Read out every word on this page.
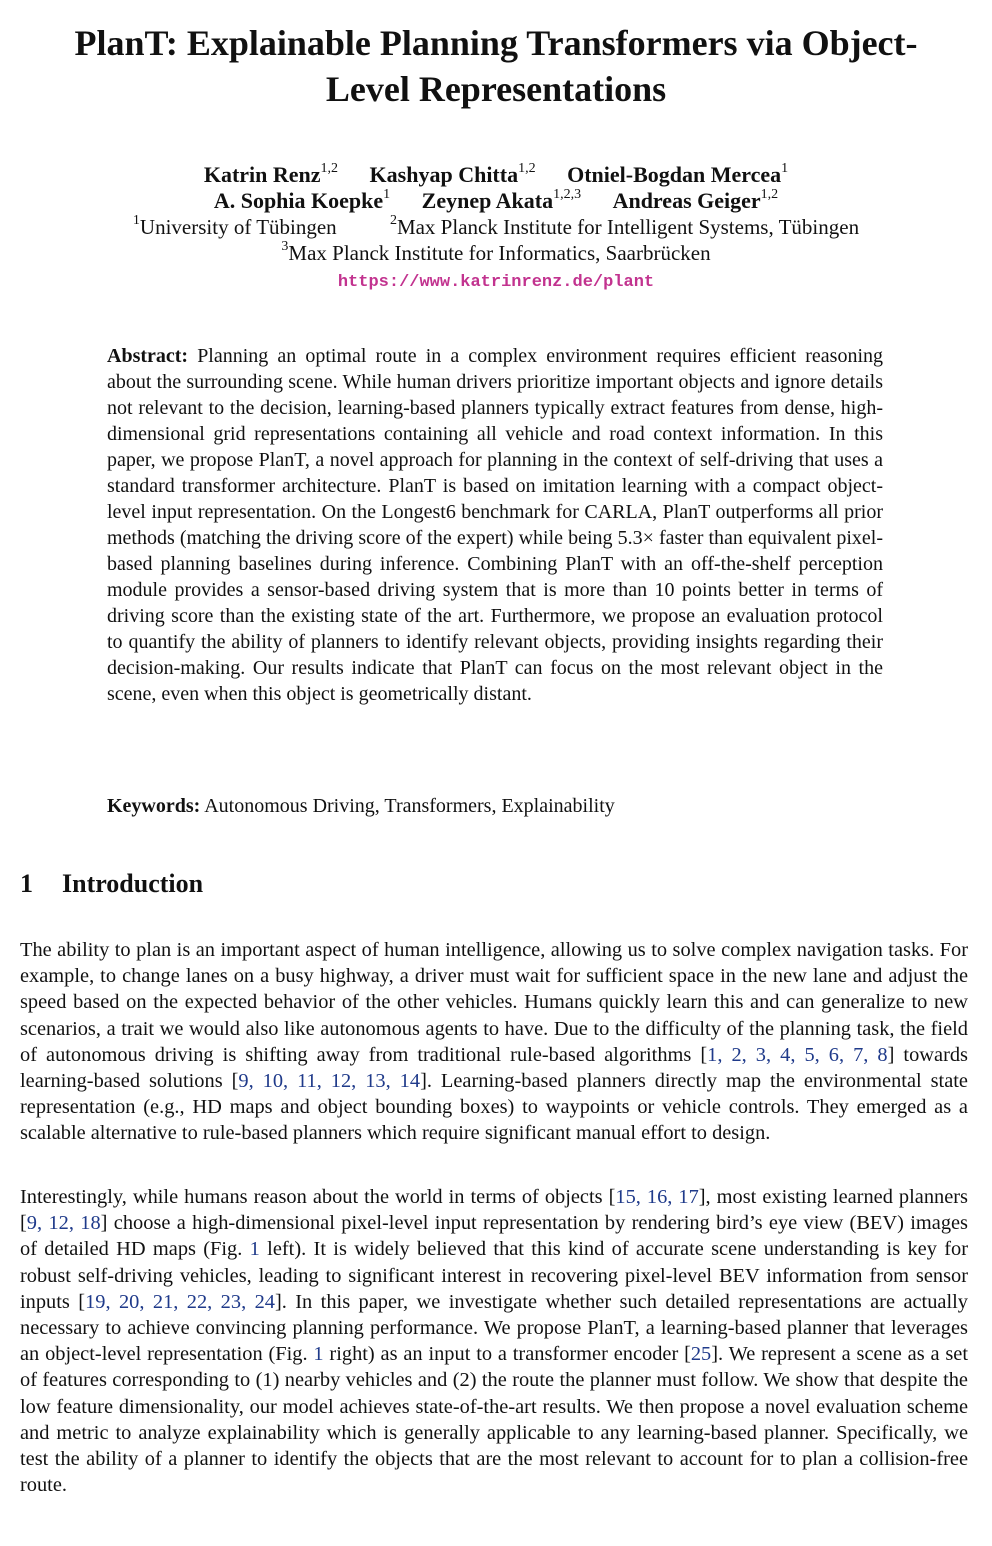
PlanT: Explainable Planning Transformers via Object-Level Representations
Katrin Renz$^{1,2}$ Kashyap Chitta$^{1,2}$ Otniel-Bogdan Mercea$^1$
A. Sophia Koepke$^1$ Zeynep Akata$^{1,2,3}$ Andreas Geiger$^{1,2}$
$^1$University of Tübingen	$^2$Max Planck Institute for Intelligent Systems, Tübingen
$^3$Max Planck Institute for Informatics, Saarbrücken
https://www.katrinrenz.de/plant

Abstract: Planning an optimal route in a complex environment requires efficient reasoning about the surrounding scene. While human drivers prioritize important objects and ignore details not relevant to the decision, learning-based planners typically extract features from dense, high-dimensional grid representations containing all vehicle and road context information. In this paper, we propose PlanT, a novel approach for planning in the context of self-driving that uses a standard transformer architecture. PlanT is based on imitation learning with a compact object-level input representation. On the Longest6 benchmark for CARLA, PlanT outperforms all prior methods (matching the driving score of the expert) while being 5.3× faster than equivalent pixel-based planning baselines during inference. Combining PlanT with an off-the-shelf perception module provides a sensor-based driving system that is more than 10 points better in terms of driving score than the existing state of the art. Furthermore, we propose an evaluation protocol to quantify the ability of planners to identify relevant objects, providing insights regarding their decision-making. Our results indicate that PlanT can focus on the most relevant object in the scene, even when this object is geometrically distant.

Keywords: Autonomous Driving, Transformers, Explainability

1 Introduction

The ability to plan is an important aspect of human intelligence, allowing us to solve complex navigation tasks. For example, to change lanes on a busy highway, a driver must wait for sufficient space in the new lane and adjust the speed based on the expected behavior of the other vehicles. Humans quickly learn this and can generalize to new scenarios, a trait we would also like autonomous agents to have. Due to the difficulty of the planning task, the field of autonomous driving is shifting away from traditional rule-based algorithms [1, 2, 3, 4, 5, 6, 7, 8] towards learning-based solutions [9, 10, 11, 12, 13, 14]. Learning-based planners directly map the environmental state representation (e.g., HD maps and object bounding boxes) to waypoints or vehicle controls. They emerged as a scalable alternative to rule-based planners which require significant manual effort to design.

Interestingly, while humans reason about the world in terms of objects [15, 16, 17], most existing learned planners [9, 12, 18] choose a high-dimensional pixel-level input representation by rendering bird’s eye view (BEV) images of detailed HD maps (Fig. 1 left). It is widely believed that this kind of accurate scene understanding is key for robust self-driving vehicles, leading to significant interest in recovering pixel-level BEV information from sensor inputs [19, 20, 21, 22, 23, 24]. In this paper, we investigate whether such detailed representations are actually necessary to achieve convincing planning performance. We propose PlanT, a learning-based planner that leverages an object-level representation (Fig. 1 right) as an input to a transformer encoder [25]. We represent a scene as a set of features corresponding to (1) nearby vehicles and (2) the route the planner must follow. We show that despite the low feature dimensionality, our model achieves state-of-the-art results. We then propose a novel evaluation scheme and metric to analyze explainability which is generally applicable to any learning-based planner. Specifically, we test the ability of a planner to identify the objects that are the most relevant to account for to plan a collision-free route.
